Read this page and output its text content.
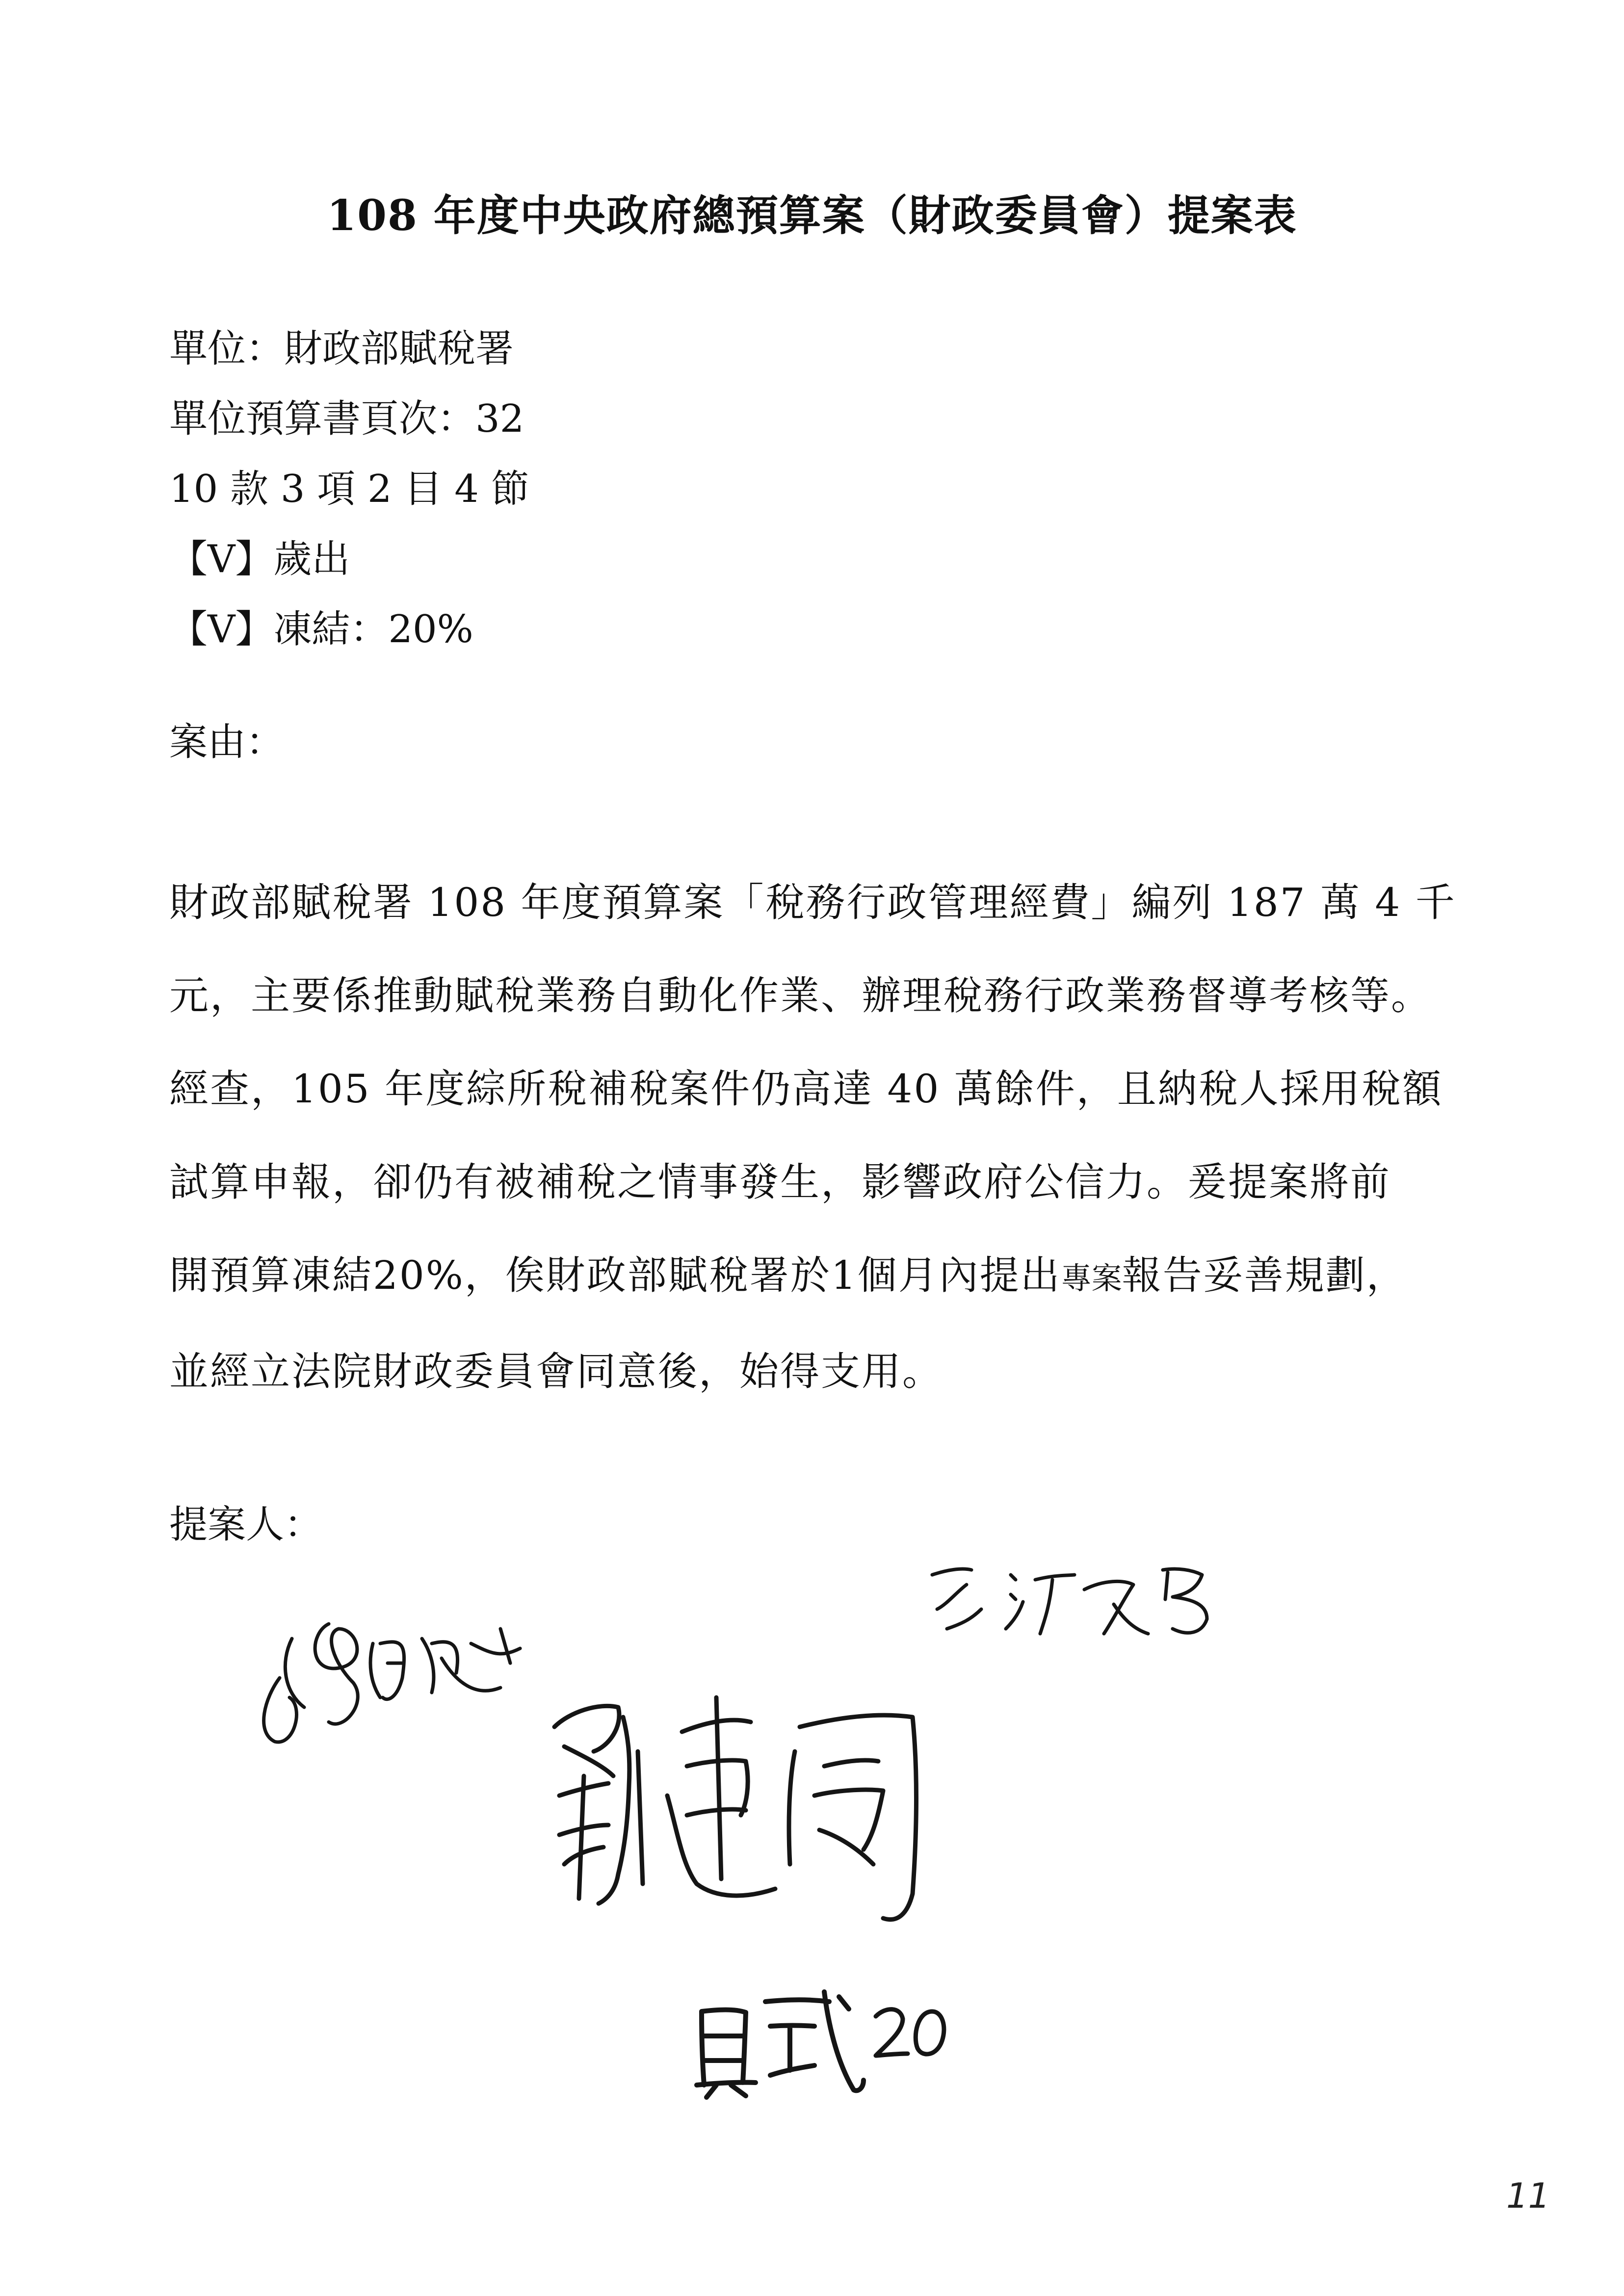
108 年度中央政府總預算案（財政委員會）提案表
單位：財政部賦稅署
單位預算書頁次：32
10 款 3 項 2 目 4 節
【V】歲出
【V】凍結：20%
案由：
財政部賦稅署 108 年度預算案「稅務行政管理經費」編列 187 萬 4 千
元，主要係推動賦稅業務自動化作業、辦理稅務行政業務督導考核等。
經查，105 年度綜所稅補稅案件仍高達 40 萬餘件，且納稅人採用稅額
試算申報，卻仍有被補稅之情事發生，影響政府公信力。爰提案將前
開預算凍結20%，俟財政部賦稅署於1個月內提出專案報告妥善規劃，
並經立法院財政委員會同意後，始得支用。
提案人：
11
